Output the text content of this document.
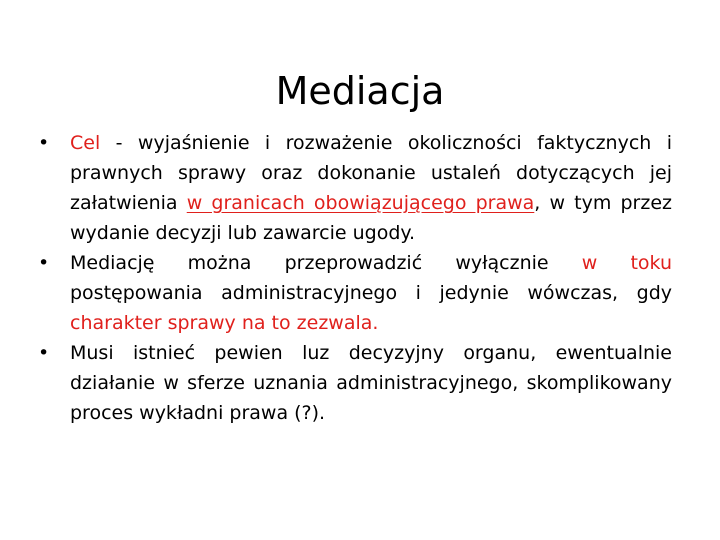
Mediacja
•	Cel - wyjaśnienie i rozważenie okoliczności faktycznych i prawnych sprawy oraz dokonanie ustaleń dotyczących jej załatwienia w granicach obowiązującego prawa, w tym przez wydanie decyzji lub zawarcie ugody.
•	Mediację można przeprowadzić wyłącznie w toku postępowania administracyjnego i jedynie wówczas, gdy charakter sprawy na to zezwala.
•	Musi istnieć pewien luz decyzyjny organu, ewentualnie działanie w sferze uznania administracyjnego, skomplikowany proces wykładni prawa (?).
